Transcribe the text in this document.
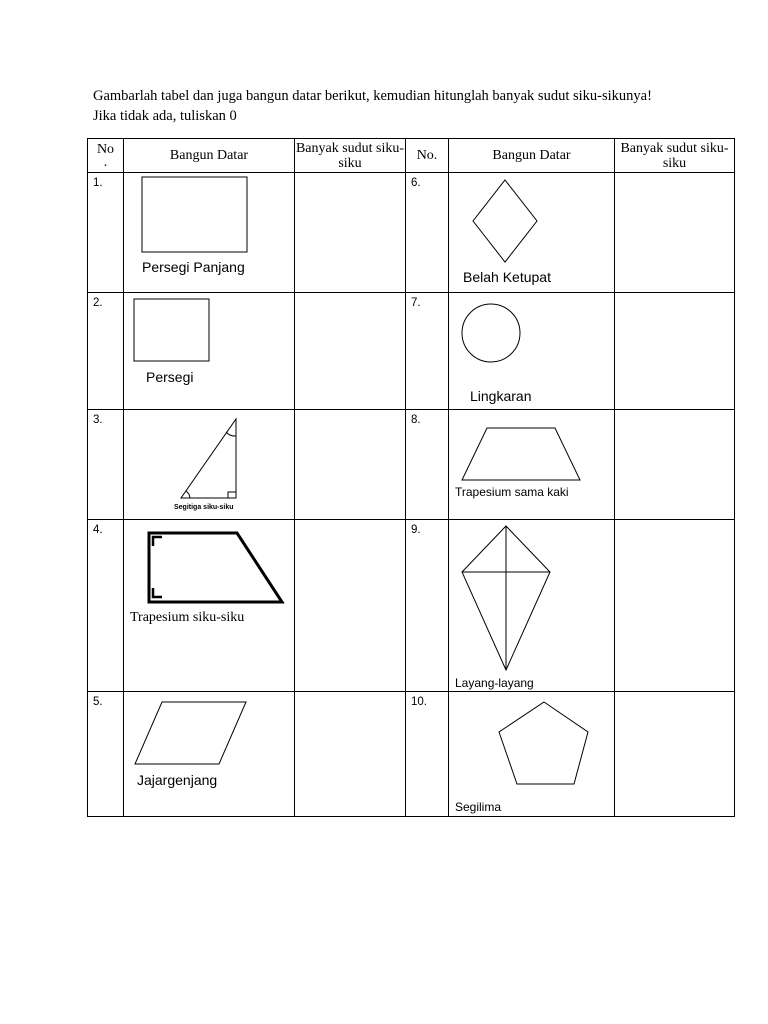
Gambarlah tabel dan juga bangun datar berikut, kemudian hitunglah banyak sudut siku-sikunya! Jika tidak ada, tuliskan 0
No
.	Bangun Datar	Banyak sudut siku-siku	No.	Bangun Datar	Banyak sudut siku-siku
1.	Persegi Panjang		6.	Belah Ketupat	

2.	Persegi		7.	Lingkaran	

3.	Segitiga siku-siku		8.	Trapesium sama kaki	

4.	Trapesium siku-siku		9.	Layang-layang	

5.	Jajargenjang		10.	Segilima	
